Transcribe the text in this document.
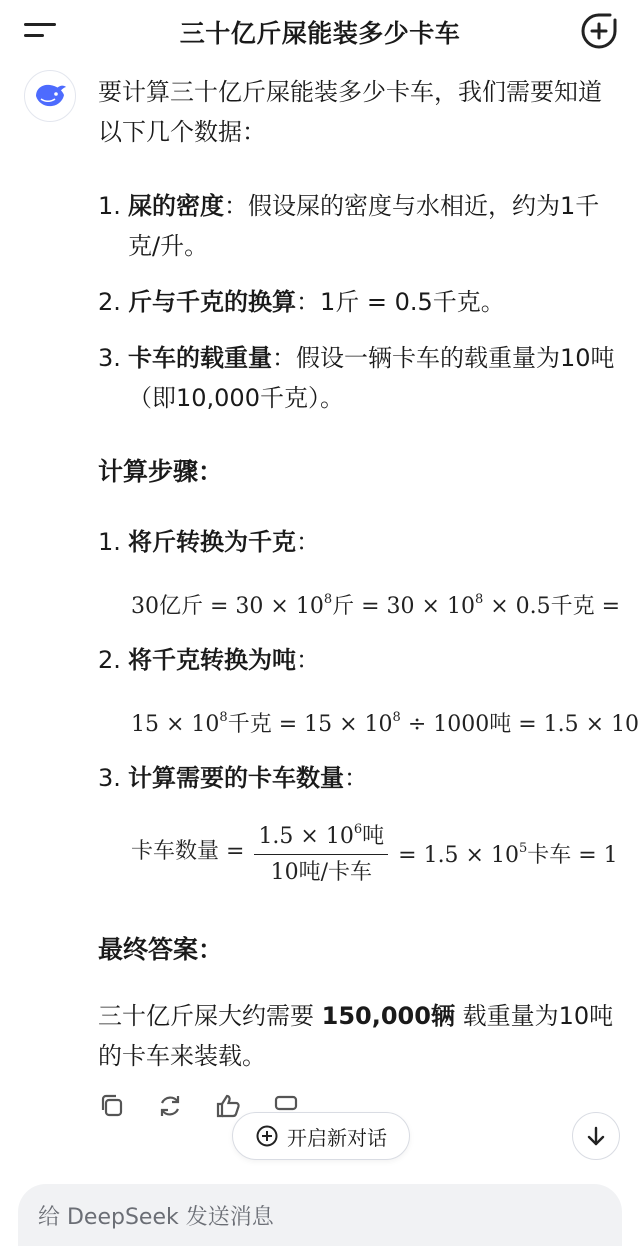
三十亿斤屎能装多少卡车

要计算三十亿斤屎能装多少卡车，我们需要知道以下几个数据：

1. 屎的密度：假设屎的密度与水相近，约为1千克/升。
2. 斤与千克的换算：1斤 = 0.5千克。
3. 卡车的载重量：假设一辆卡车的载重量为10吨（即10,000千克）。

计算步骤：

1. 将斤转换为千克：

30亿斤 = $30 \times 10^8$斤 = $30 \times 10^8 \times 0.5$千克 =

2. 将千克转换为吨：

$15 \times 10^8$千克 = $15 \times 10^8 \div 1000$吨 = 1.5 × 10

3. 计算需要的卡车数量：

卡车数量 = $\frac{1.5 \times 10^6吨}{\text{10吨/卡车}} = 1.5 \times 10^5$卡车 = 1

最终答案：

三十亿斤屎大约需要 150,000辆 载重量为10吨的卡车来装载。

开启新对话
给 DeepSeek 发送消息
